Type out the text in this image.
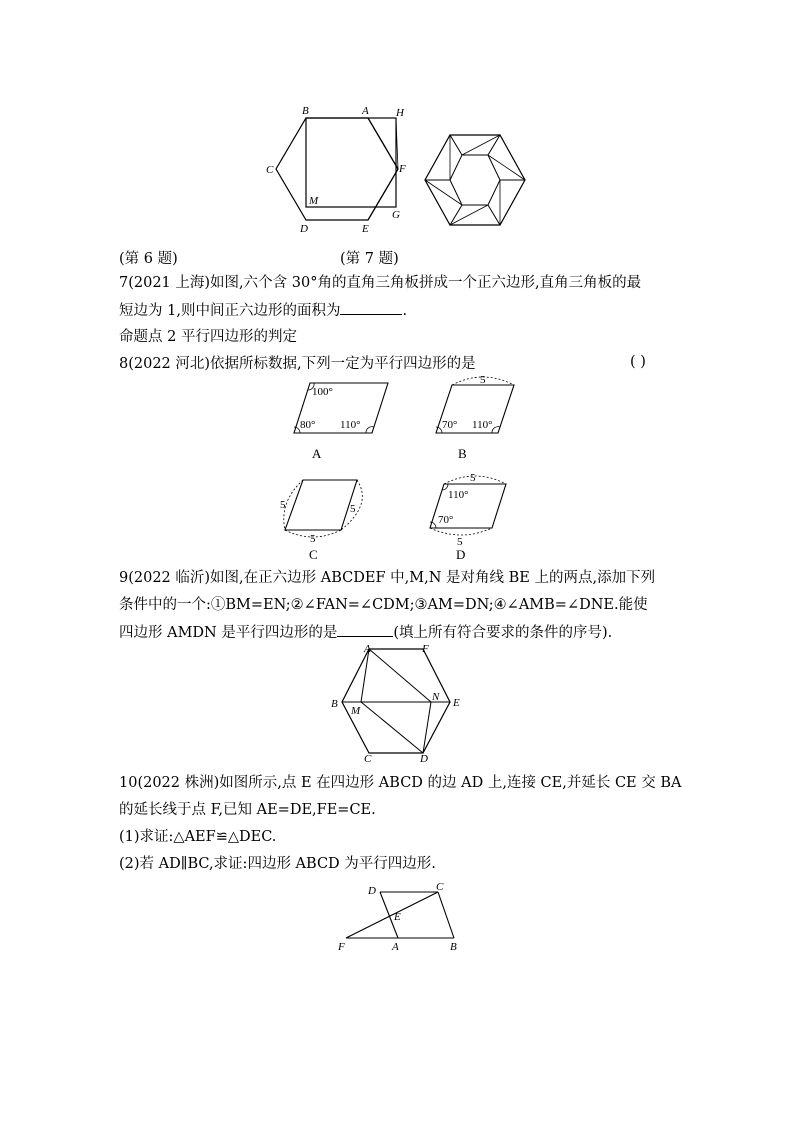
B	A H
C	F
M
D	E
G
(第 6 题)	(第 7 题)
7(2021 上海)如图,六个含 30°角的直角三角板拼成一个正六边形,直角三角板的最
短边为 1,则中间正六边形的面积为	.
命题点 2 平行四边形的判定
8(2022 河北)依据所标数据,下列一定为平行四边形的是	( )
100°
80° 110°
A
5
70° 110°
B
5	5
5
C
5
110°
70°
5
D
9(2022 临沂)如图,在正六边形 ABCDEF 中,M,N 是对角线 BE 上的两点,添加下列
条件中的一个:①BM=EN;②∠FAN=∠CDM;③AM=DN;④∠AMB=∠DNE.能使
四边形 AMDN 是平行四边形的是	(填上所有符合要求的条件的序号).
A	F
B
M
N E
C	D
10(2022 株洲)如图所示,点 E 在四边形 ABCD 的边 AD 上,连接 CE,并延长 CE 交 BA
的延长线于点 F,已知 AE=DE,FE=CE.
(1)求证:△AEF≌△DEC.
(2)若 AD∥BC,求证:四边形 ABCD 为平行四边形.
D	C
E
F	A	B
